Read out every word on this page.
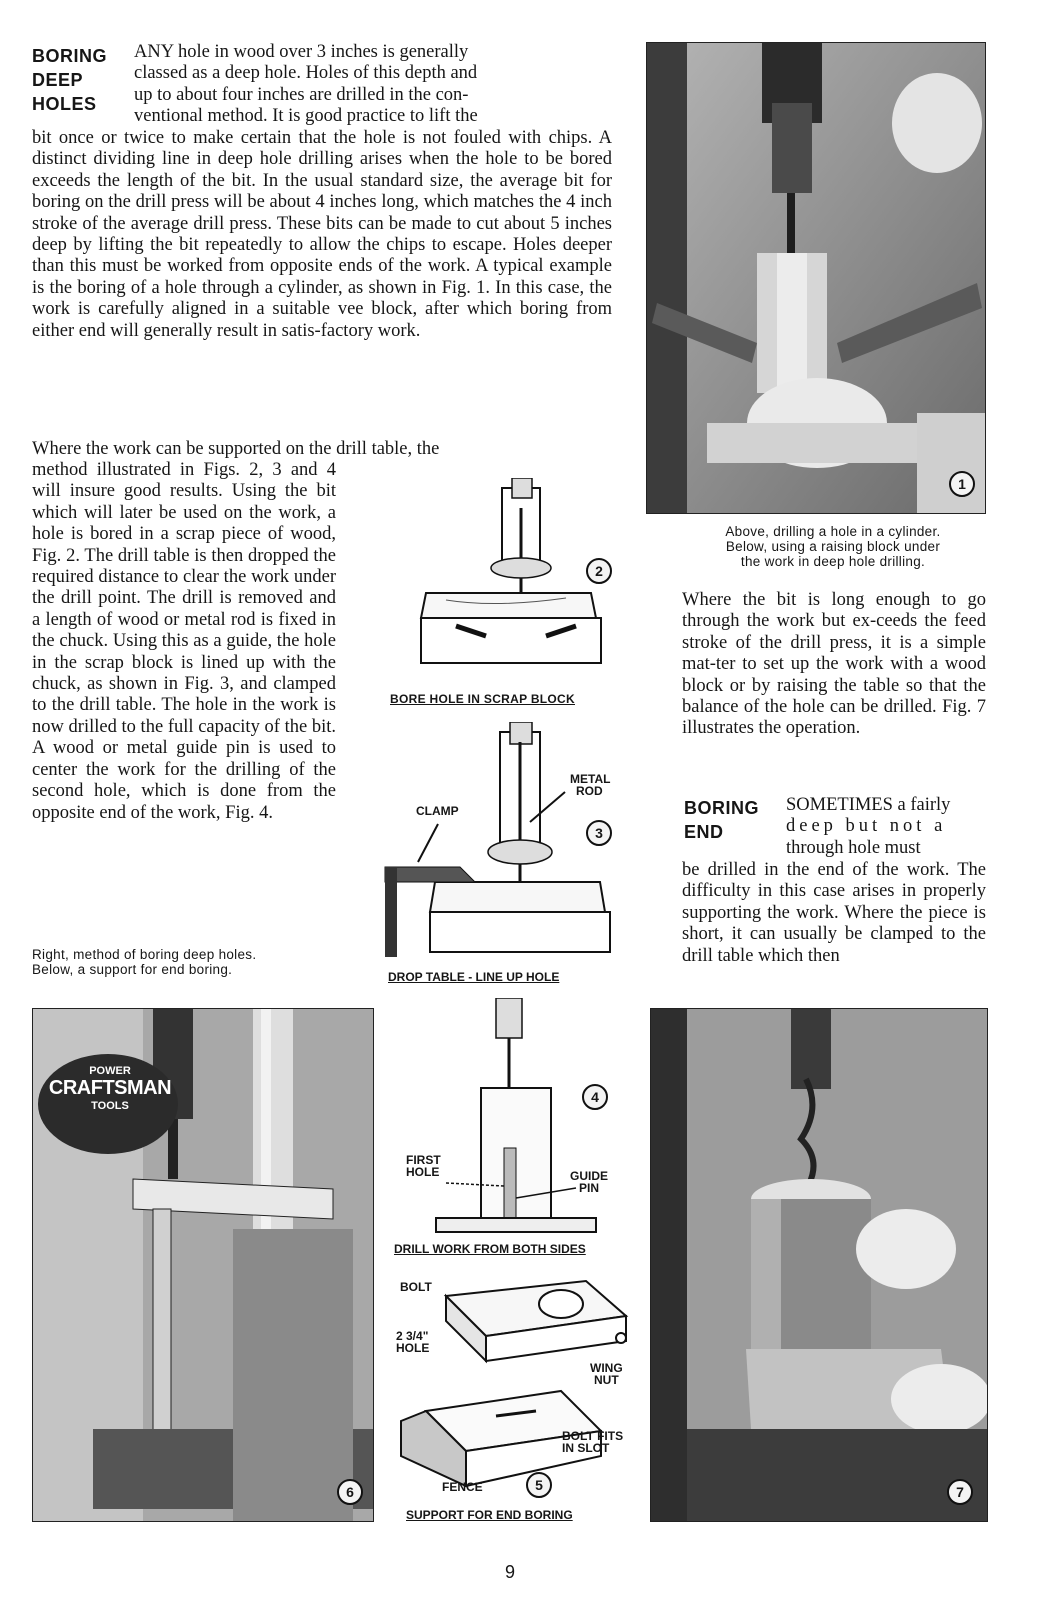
BORING
DEEP
HOLES
ANY hole in wood over 3 inches is generally
classed as a deep hole. Holes of this depth and
up to about four inches are drilled in the con-
ventional method. It is good practice to lift the

bit once or twice to make certain that the hole is not fouled with chips. A distinct dividing line in deep hole drilling arises when the hole to be bored exceeds the length of the bit. In the usual standard size, the average bit for boring on the drill press will be about 4 inches long, which matches the 4 inch stroke of the average drill press. These bits can be made to cut about 5 inches deep by lifting the bit repeatedly to allow the chips to escape. Holes deeper than this must be worked from opposite ends of the work. A typical example is the boring of a hole through a cylinder, as shown in Fig. 1. In this case, the work is carefully aligned in a suitable vee block, after which boring from either end will generally result in satis-factory work.

Where the work can be supported on the drill table, the

method illustrated in Figs. 2, 3 and 4 will insure good results. Using the bit which will later be used on the work, a hole is bored in a scrap piece of wood, Fig. 2. The drill table is then dropped the required distance to clear the work under the drill point. The drill is removed and a length of wood or metal rod is fixed in the chuck. Using this as a guide, the hole in the scrap block is lined up with the chuck, as shown in Fig. 3, and clamped to the drill table. The hole in the work is now drilled to the full capacity of the bit. A wood or metal guide pin is used to center the work for the drilling of the second hole, which is done from the opposite end of the work, Fig. 4.

Right, method of boring deep holes.
Below, a support for end boring.
1
Above, drilling a hole in a cylinder.
Below, using a raising block under
the work in deep hole drilling.

Where the bit is long enough to go through the work but ex-ceeds the feed stroke of the drill press, it is a simple mat-ter to set up the work with a wood block or by raising the table so that the balance of the hole can be drilled. Fig. 7 illustrates the operation.

BORING
END
SOMETIMES a fairly
deep but not a
through hole must

be drilled in the end of the work. The difficulty in this case arises in properly supporting the work. Where the piece is short, it can usually be clamped to the drill table which then

2
BORE HOLE IN SCRAP BLOCK
CLAMP
METAL
ROD
3
DROP TABLE - LINE UP HOLE
4
FIRST
HOLE	GUIDE
PIN
DRILL WORK FROM BOTH SIDES
BOLT
2 3/4"
HOLE
WING
NUT
BOLT FITS
IN SLOT
FENCE	5
SUPPORT FOR END BORING
POWER
CRAFTSMAN
TOOLS
6	7
9
